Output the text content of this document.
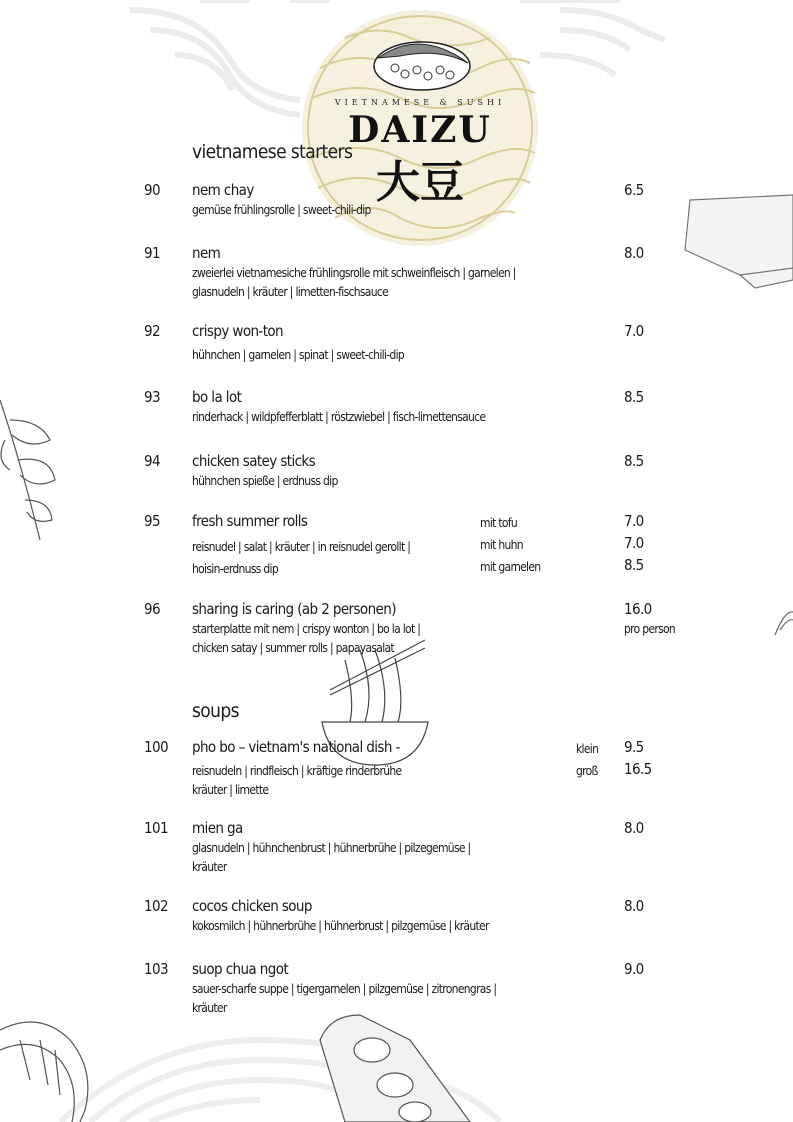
VIETNAMESE & SUSHI
DAIZU
大豆
vietnamese starters
90 nem chay
gemüse frühlingsrolle | sweet-chili-dip
6.5
91 nem
zweierlei vietnamesiche frühlingsrolle mit schweinfleisch | garnelen |
glasnudeln | kräuter | limetten-fischsauce
8.0
92 crispy won-ton
hühnchen | garnelen | spinat | sweet-chili-dip
7.0
93 bo la lot
rinderhack | wildpfefferblatt | röstzwiebel | fisch-limettensauce
8.5
94 chicken satey sticks
hühnchen spieße | erdnuss dip
8.5
95 fresh summer rolls
reisnudel | salat | kräuter | in reisnudel gerollt |
hoisin-erdnuss dip
mit tofu	7.0
mit huhn	7.0
mit garnelen	8.5
96 sharing is caring (ab 2 personen)
starterplatte mit nem | crispy wonton | bo la lot |
chicken satay | summer rolls | papayasalat
16.0
pro person
soups
100 pho bo – vietnam's national dish -
reisnudeln | rindfleisch | kräftige rinderbrühe
kräuter | limette
klein 9.5
groß 16.5
101 mien ga
glasnudeln | hühnchenbrust | hühnerbrühe | pilzegemüse |
kräuter
8.0
102 cocos chicken soup
kokosmilch | hühnerbrühe | hühnerbrust | pilzgemüse | kräuter
8.0
103 suop chua ngot
sauer-scharfe suppe | tigergarnelen | pilzgemüse | zitronengras |
kräuter
9.0
